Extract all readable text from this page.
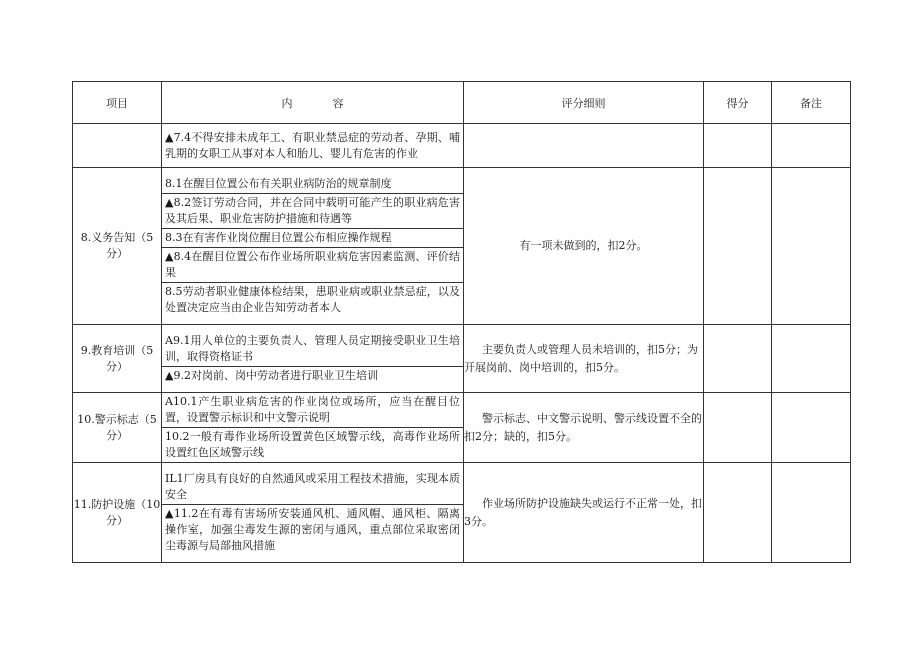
项目	内 容	评分细则	得分	备注

	▲7.4不得安排未成年工、有职业禁忌症的劳动者、孕期、哺乳期的女职工从事对本人和胎儿、婴儿有危害的作业			

8.义务告知（5分）	8.1在醒目位置公布有关职业病防治的规章制度
▲8.2签订劳动合同，并在合同中载明可能产生的职业病危害及其后果、职业危害防护措施和待遇等
8.3在有害作业岗位醒目位置公布相应操作规程
▲8.4在醒目位置公布作业场所职业病危害因素监测、评价结果
8.5劳动者职业健康体检结果，患职业病或职业禁忌症，以及处置决定应当由企业告知劳动者本人	有一项未做到的，扣2分。		
9.教育培训（5分）	A9.1用人单位的主要负责人、管理人员定期接受职业卫生培训，取得资格证书
▲9.2对岗前、岗中劳动者进行职业卫生培训	主要负责人或管理人员未培训的，扣5分；为开展岗前、岗中培训的，扣5分。		
10.警示标志（5分）	A10.1产生职业病危害的作业岗位或场所，应当在醒目位置，设置警示标识和中文警示说明
10.2一般有毒作业场所设置黄色区域警示线，高毒作业场所设置红色区域警示线	警示标志、中文警示说明、警示线设置不全的扣2分；缺的，扣5分。		
11.防护设施（10分）	IL1厂房具有良好的自然通风或采用工程技术措施，实现本质安全
▲11.2在有毒有害场所安装通风机、通风帽、通风柜、隔离操作室，加强尘毒发生源的密闭与通风，重点部位采取密闭尘毒源与局部抽风措施	作业场所防护设施缺失或运行不正常一处，扣3分。		
